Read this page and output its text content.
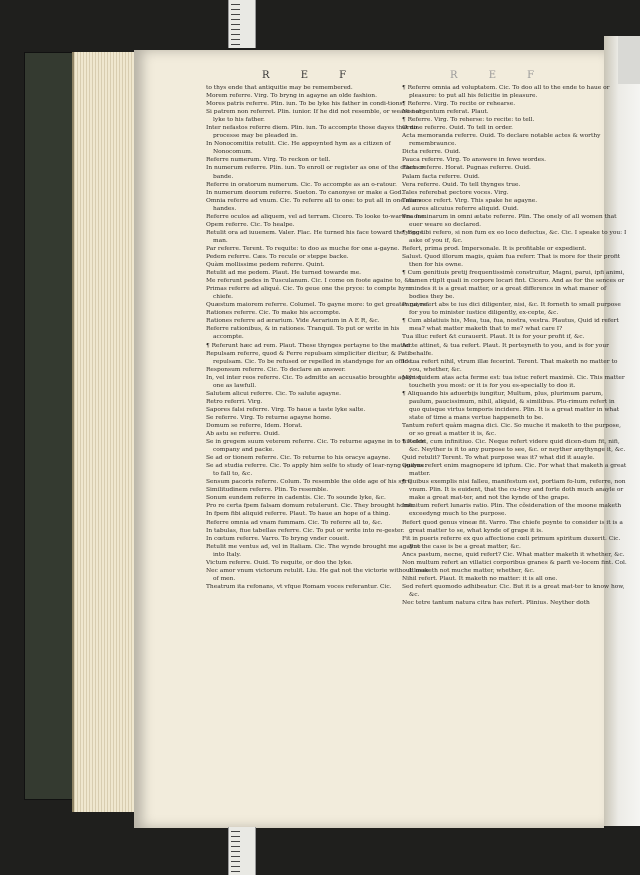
R E F	R E F

to thys ende that antiquitie may be remembered.

Morem referre. Virg. To bryng in agayne an olde fashion.

Mores patris referre. Plin. iun. To be lyke his father in condi-tions.

Si patrem non referret. Plin. iunior. If he did not resemble, or weare not lyke to his father.

Inter nefastos referre diem. Plin. iun. To accompte those dayes that no processe may be pleaded in.

In Nonocomitiis retulit. Cic. He appoynted hym as a citizen of Nonocomum.

Referre numerum. Virg. To reckon or tell.

In numerum referre. Plin. iun. To enroll or register as one of the other or bande.

Referre in oratorum numerum. Cic. To accompte as an o-ratour.

In numerum deorum referre. Sueton. To canonyse or make a God.

Omnia referre ad vnum. Cic. To referre all to one: to put all in one mans handes.

Referre oculos ad aliquem, vel ad terram. Cicero. To looke to-wardes one.

Opem referre. Cic. To healpe.

Retulit ora ad iuuenem. Valer. Flac. He turned his face toward the yonge man.

Par referre. Terent. To requite: to doo as muche for one a-gayne.

Pedem referre. Cæs. To recule or steppe backe.

Quàm mollissime pedem referre. Quint.

Retulit ad me pedem. Plaut. He turned towarde me.

Me referunt pedes in Tusculanum. Cic. I come on foote againe to, &c.

Primas referre ad aliqué. Cic. To geue one the pryce: to compte hym chiefe.

Quæstum maiorem referre. Columel. To gayne more: to get greater gayne.

Rationes referre. Cic. To make his accompte.

Rationes referre ad ærarium. Vide Aerarium in A Ε R, &c.

Referre rationibus, & in rationes. Tranquil. To put or write in his accompte.

¶ Referunt hæc ad rem. Plaut. These thynges pertayne to the matter.

Repulsam referre, quod & Ferre repulsam simpliciter dicitur, & Pati repulsam. Cic. To be refused or repelled in standynge for an office.

Responsum referre. Cic. To declare an answer.

In, vel inter reos referre. Cic. To admitte an accusatio broughte agaynst one as lawfull.

Salutem alicui referre. Cic. To salute agayne.

Retro referri. Virg.

Sapores falsi referre. Virg. To haue a taste lyke salte.

Se referre. Virg. To returne agayne home.

Domum se referre, Idem. Horat.

Ab astu se referre. Ouid.

Se in gregem suum veterem referre. Cic. To returne agayne in to his olde company and packe.

Se ad or tionem referre. Cic. To returne to his oracye agayne.

Se ad studia referre. Cic. To apply him selfe to study of lear-nyng agayne: to fall to, &c.

Sensum pacoris referre. Colum. To resemble the olde age of his syre.

Similitudinem referre. Plin. To resemble.

Sonum eundem referre in cadentis. Cic. To sounde lyke, &c.

Pro re certa fpem falsam domum retulerunt. Cic. They brought home.

In fpem fibi aliquid referre. Plaut. To haue an hope of a thing.

Referre omnia ad vnam fummam. Cic. To referre all to, &c.

In tabulas, fiue tabellas referre. Cic. To put or write into re-gester.

In cœtum referre. Varro. To bryng vnder coueit.

Retulit me ventus ad, vel in Italiam. Cic. The wynde brought me agayne into Italy.

Victum referre. Ouid. To requite, or doo the lyke.

Nec amor vnum victorum retulit. Liu. He gat not the victorie without losse of men.

Theatrum ita refonans, vt vfque Romam voces referantur. Cic.

¶ Referre omnia ad voluptatem. Cic. To doo all to the ende to haue or pleasure: to put all his felicitie in pleasure.

¶ Referre. Virg. To recite or rehearse.

Nisi argentum referat. Plaut.

¶ Referre. Virg. To reherse: to recite: to tell.

Ordine referre. Ouid. To tell in order.

Acta memoranda referre. Ouid. To declare notable actes & worthy remembraunce.

Dicta referre. Ouid.

Pauca referre. Virg. To answere in fewe wordes.

Facta referre. Horat. Pugnas referre. Ouid.

Palam facta referre. Ouid.

Vera referre. Ouid. To tell thynges true.

Tales referebat pectore voces. Virg.

Talia voce refert. Virg. This spake he agayne.

Ad aures alicuius referre aliquid. Ouid.

Vna feminarum in omni ætate referre. Plin. The onely of all women that euer weare so declared.

¶ Ego tibi refero, si non fum ex eo loco defectus, &c. Cic. I speake to you: I aske of you if, &c.

Refert, prima prod. Impersonale. It is profitable or expedient.

Salust. Quod illorum magis, quàm fua referr. That is more for their profit then for his owne.

¶ Cum genitiuis pretij frequentissimè construitur, Magni, parui, ipfi animi, tamen rtiplt quali in corpore locari fint. Cicero. And as for the sences or mindes it is a great matter, or a great difference in what maner of bodies they be.

Parui refert abs te ius dici diligenter, nisi, &c. It forneth to small purpose for you to minister iustice diligently, ex-cepte, &c.

¶ Cum ablatiuis his, Mea, tua, fua, nostra, vestra. Plautus, Quid id refert mea? what matter maketh that to me? what care I?

Tua illuc refert &t curauerit. Plaut. It is for your profit if, &c.

Ad te attinet, & tua refert. Plaut. It perteyneth to you, and is for your behalfe.

Id tua refert nihil, vtrum illæ fecerint. Terent. That maketh no matter to you, whether, &c.

Mihi quidem atas acta ferme est: tua istuc refert maximè. Cic. This matter toucheth you most: or it is for you es-specially to doo it.

¶ Aliquando his aduerbijs iungitur, Multum, plus, plurimum parum, paulum, paucissimum, nihil, aliquid, & similibus. Plu-rimum refert in quo quisque virtus temporis incidere. Plin. It is a great matter in what state of time a mans vertue happeneth to be.

Tantum refert quàm magna dici. Cic. So muche it maketh to the purpose, or so great a matter it is, &c.

¶ Refert, cum infinitiuo. Cic. Neque refert videre quid dicen-dum fit, nifi, &c. Neyther is it to any purpose to see, &c. or neyther anythynge it, &c.

Quid retulit? Terent. To what purpose was it? what did it auayle.

Quibus refert enim magnopere id ipfum. Cic. For what that maketh a great matter.

¶ Quibus exemplis nisi falleu, manifestum est, portiam fo-lum, referre, non vnum. Plin. It is euident, that the cu-trey and forte doth much anayle or make a great mat-ter, and not the kynde of the grape.

Infinitum refert lunaris ratio. Plin. The cõsideration of the moone maketh exceedyng much to the purpose.

Refert quod genus vineæ fit. Varro. The chiefe poynte to consider is it is a great matter to se, what kynde of grape it is.

Fit in pueris referre ex quo affectione cœli primum spiritum duxerit. Cic. But the case is be a great matter, &c.

Ancs pastum, necne, quid refert? Cic. What matter maketh it whether, &c.

Non multum refert an villatici corporibus granes & parfi ve-locem fint. Col. It maketh not muche matter, whether, &c.

Nihil refert. Plaut. It maketh no matter: it is all one.

Sed refert quomodo adhibeatur. Cic. But it is a great mat-ter to know how, &c.

Nec tetre tantum natura citra has refert. Plinius. Neyther doth
